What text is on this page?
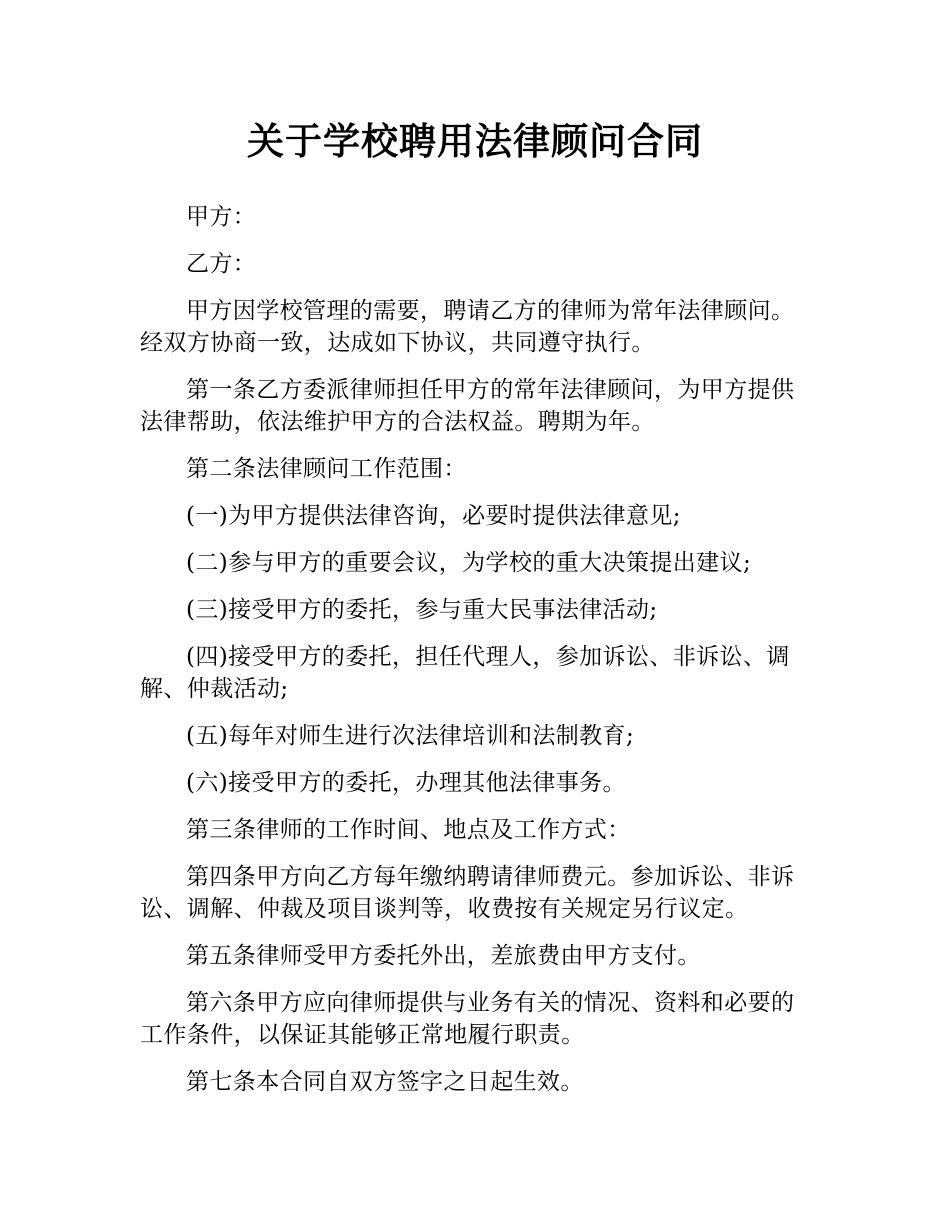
关于学校聘用法律顾问合同

甲方：

乙方：

甲方因学校管理的需要，聘请乙方的律师为常年法律顾问。经双方协商一致，达成如下协议，共同遵守执行。

第一条乙方委派律师担任甲方的常年法律顾问，为甲方提供法律帮助，依法维护甲方的合法权益。聘期为年。

第二条法律顾问工作范围：

(一)为甲方提供法律咨询，必要时提供法律意见;

(二)参与甲方的重要会议，为学校的重大决策提出建议;

(三)接受甲方的委托，参与重大民事法律活动;

(四)接受甲方的委托，担任代理人，参加诉讼、非诉讼、调解、仲裁活动;

(五)每年对师生进行次法律培训和法制教育;

(六)接受甲方的委托，办理其他法律事务。

第三条律师的工作时间、地点及工作方式：

第四条甲方向乙方每年缴纳聘请律师费元。参加诉讼、非诉讼、调解、仲裁及项目谈判等，收费按有关规定另行议定。

第五条律师受甲方委托外出，差旅费由甲方支付。

第六条甲方应向律师提供与业务有关的情况、资料和必要的工作条件，以保证其能够正常地履行职责。

第七条本合同自双方签字之日起生效。
